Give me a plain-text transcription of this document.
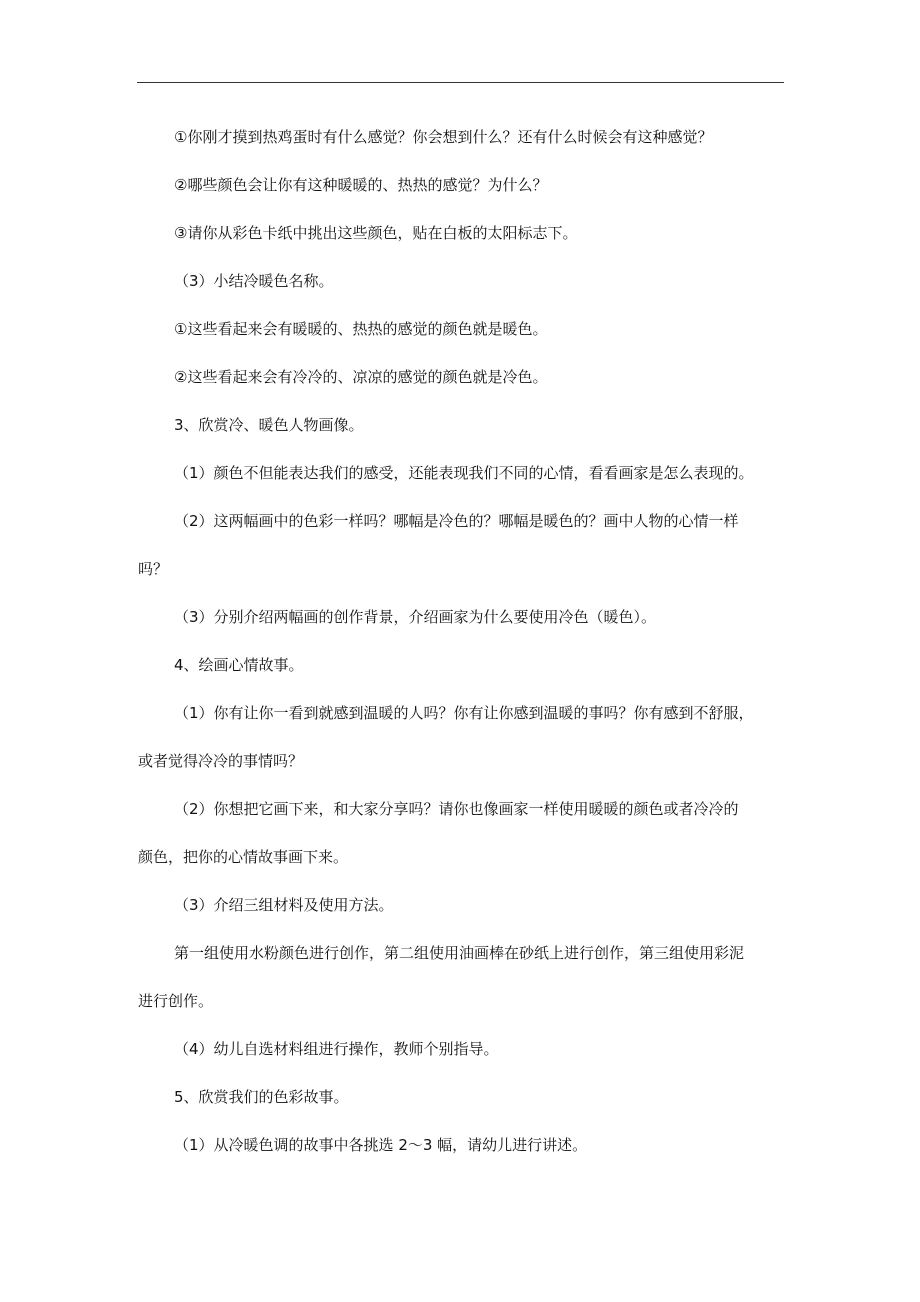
①你刚才摸到热鸡蛋时有什么感觉？你会想到什么？还有什么时候会有这种感觉？
②哪些颜色会让你有这种暖暖的、热热的感觉？为什么？
③请你从彩色卡纸中挑出这些颜色，贴在白板的太阳标志下。
（3）小结冷暖色名称。
①这些看起来会有暖暖的、热热的感觉的颜色就是暖色。
②这些看起来会有冷冷的、凉凉的感觉的颜色就是冷色。
3、欣赏冷、暖色人物画像。
（1）颜色不但能表达我们的感受，还能表现我们不同的心情，看看画家是怎么表现的。
（2）这两幅画中的色彩一样吗？哪幅是冷色的？哪幅是暖色的？画中人物的心情一样
吗？
（3）分别介绍两幅画的创作背景，介绍画家为什么要使用冷色（暖色）。
4、绘画心情故事。
（1）你有让你一看到就感到温暖的人吗？你有让你感到温暖的事吗？你有感到不舒服，
或者觉得冷冷的事情吗？
（2）你想把它画下来，和大家分享吗？请你也像画家一样使用暖暖的颜色或者冷冷的
颜色，把你的心情故事画下来。
（3）介绍三组材料及使用方法。
第一组使用水粉颜色进行创作，第二组使用油画棒在砂纸上进行创作，第三组使用彩泥
进行创作。
（4）幼儿自选材料组进行操作，教师个别指导。
5、欣赏我们的色彩故事。
（1）从冷暖色调的故事中各挑选 2～3 幅，请幼儿进行讲述。
